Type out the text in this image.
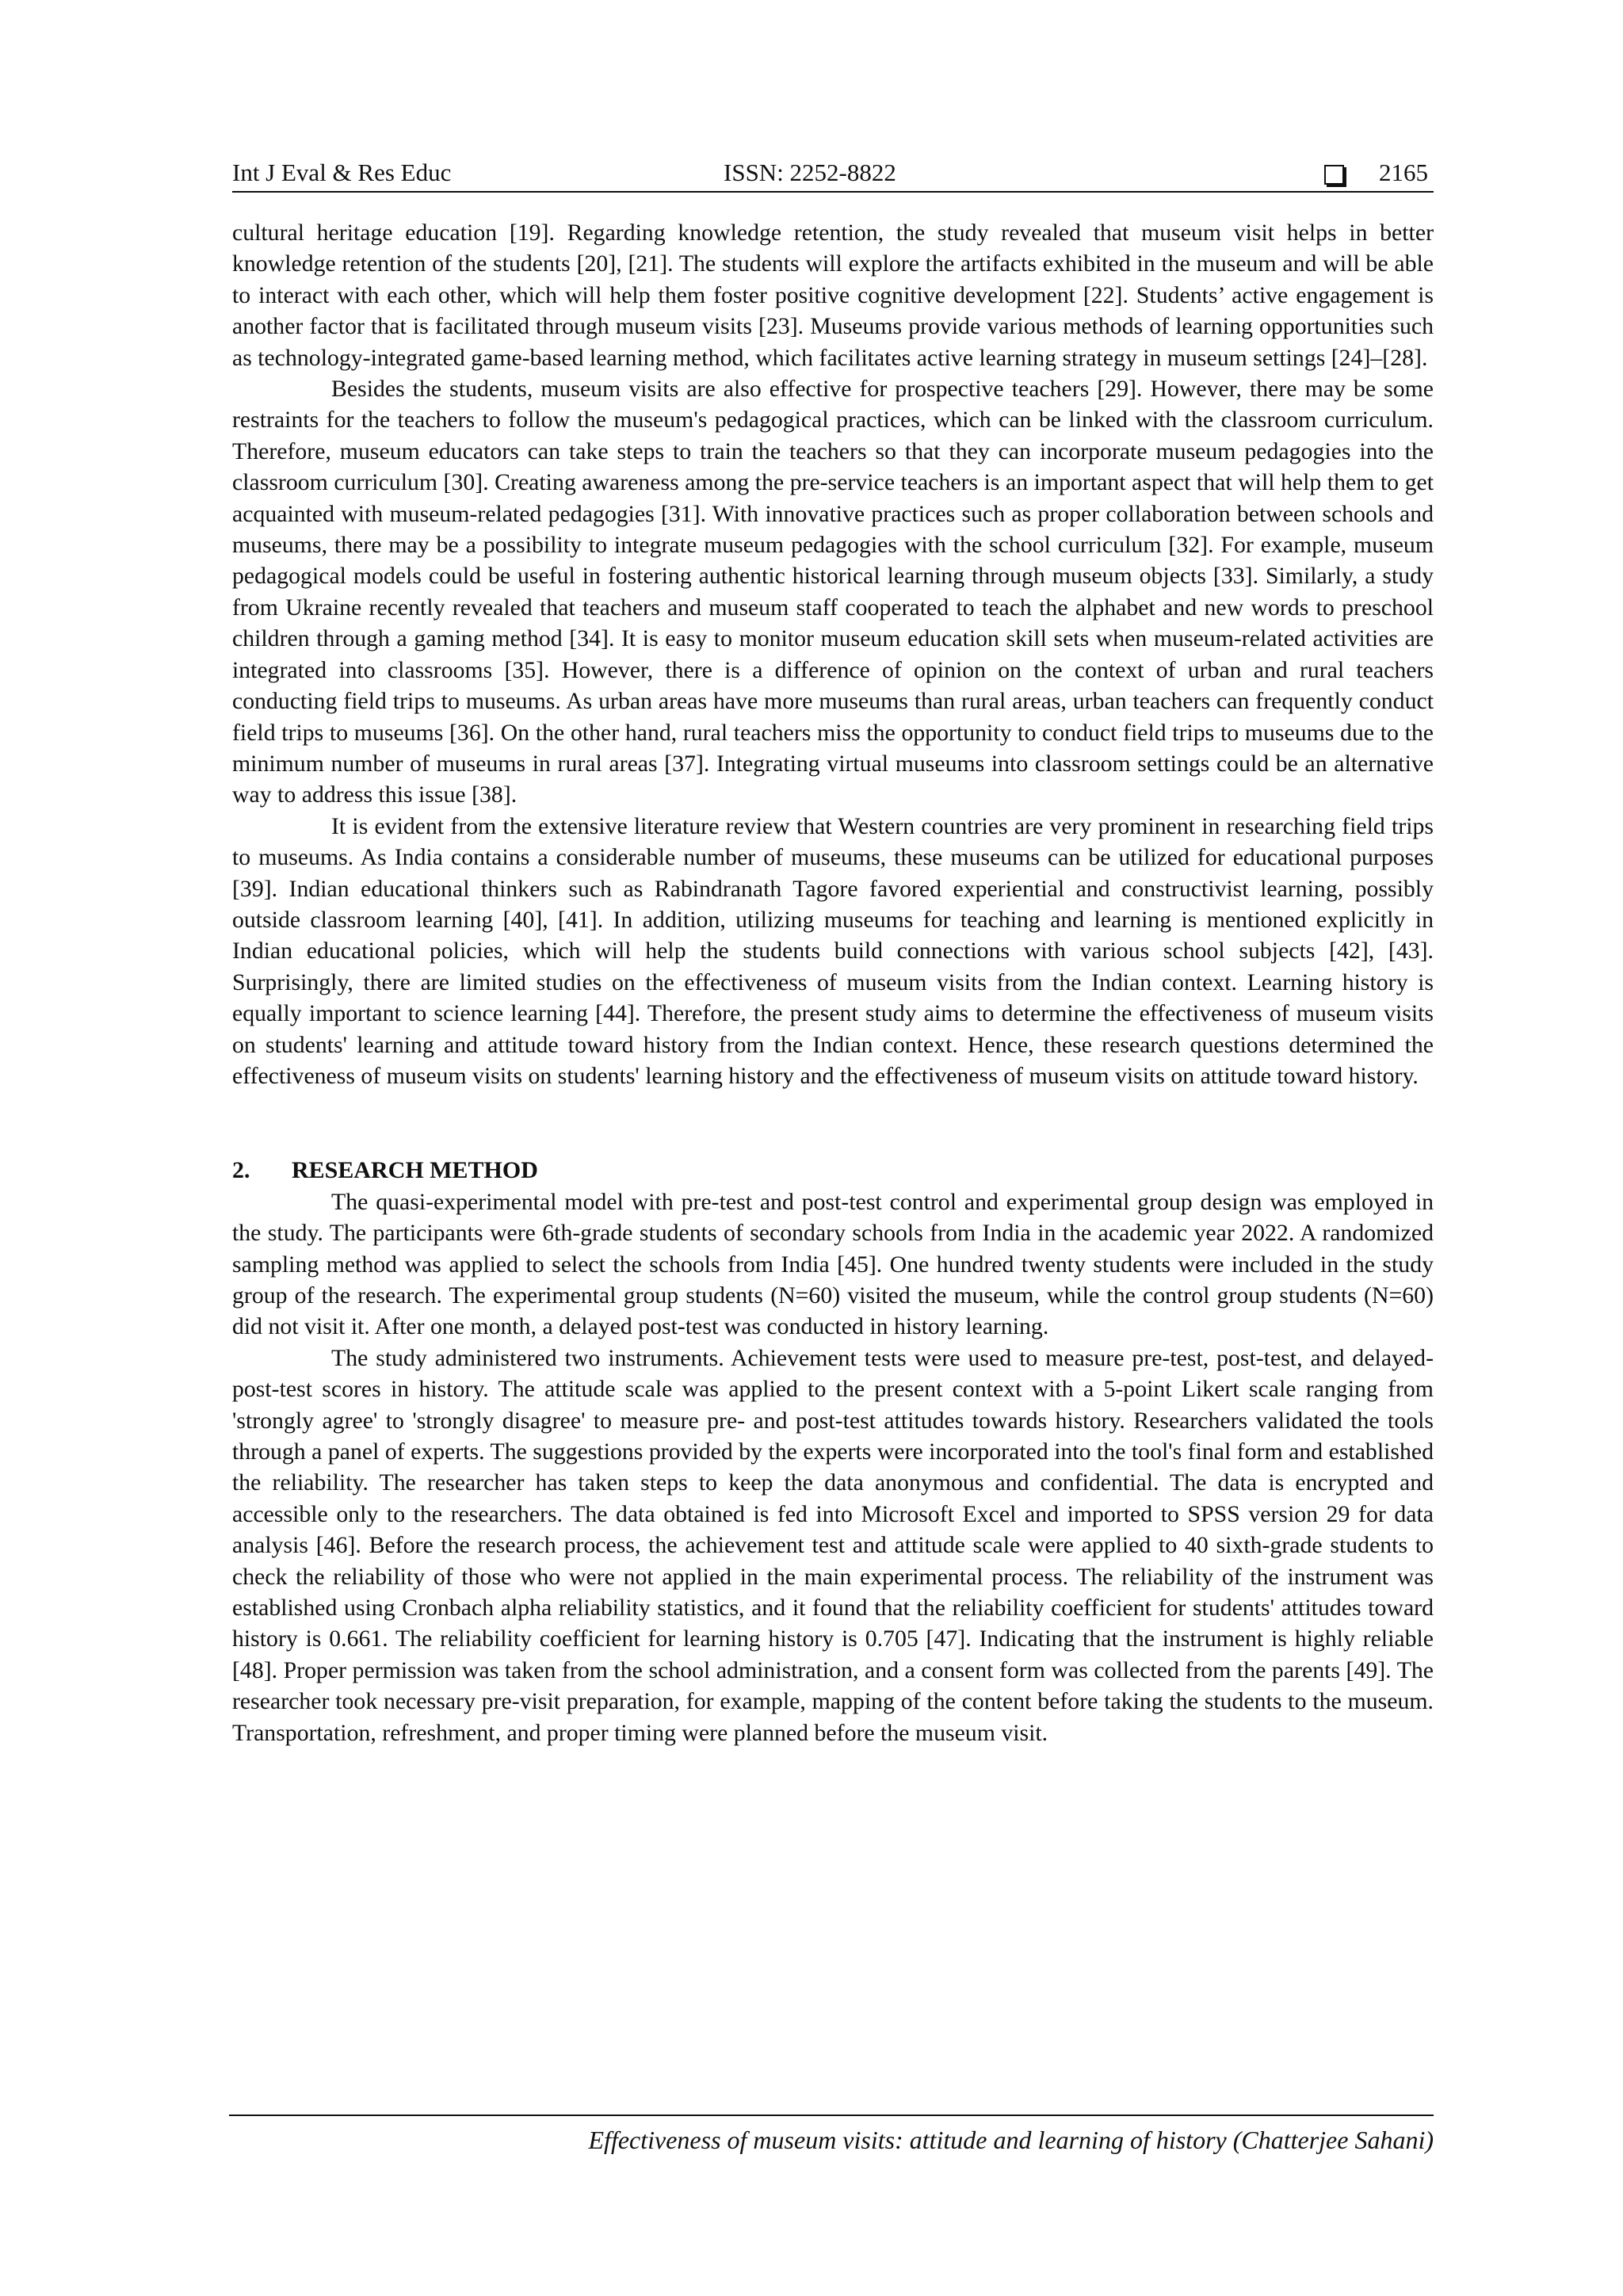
Int J Eval & Res Educ	ISSN: 2252-8822	2165

cultural heritage education [19]. Regarding knowledge retention, the study revealed that museum visit helps in better knowledge retention of the students [20], [21]. The students will explore the artifacts exhibited in the museum and will be able to interact with each other, which will help them foster positive cognitive development [22]. Students’ active engagement is another factor that is facilitated through museum visits [23]. Museums provide various methods of learning opportunities such as technology-integrated game-based learning method, which facilitates active learning strategy in museum settings [24]–[28].

Besides the students, museum visits are also effective for prospective teachers [29]. However, there may be some restraints for the teachers to follow the museum's pedagogical practices, which can be linked with the classroom curriculum. Therefore, museum educators can take steps to train the teachers so that they can incorporate museum pedagogies into the classroom curriculum [30]. Creating awareness among the pre-service teachers is an important aspect that will help them to get acquainted with museum-related pedagogies [31]. With innovative practices such as proper collaboration between schools and museums, there may be a possibility to integrate museum pedagogies with the school curriculum [32]. For example, museum pedagogical models could be useful in fostering authentic historical learning through museum objects [33]. Similarly, a study from Ukraine recently revealed that teachers and museum staff cooperated to teach the alphabet and new words to preschool children through a gaming method [34]. It is easy to monitor museum education skill sets when museum-related activities are integrated into classrooms [35]. However, there is a difference of opinion on the context of urban and rural teachers conducting field trips to museums. As urban areas have more museums than rural areas, urban teachers can frequently conduct field trips to museums [36]. On the other hand, rural teachers miss the opportunity to conduct field trips to museums due to the minimum number of museums in rural areas [37]. Integrating virtual museums into classroom settings could be an alternative way to address this issue [38].

It is evident from the extensive literature review that Western countries are very prominent in researching field trips to museums. As India contains a considerable number of museums, these museums can be utilized for educational purposes [39]. Indian educational thinkers such as Rabindranath Tagore favored experiential and constructivist learning, possibly outside classroom learning [40], [41]. In addition, utilizing museums for teaching and learning is mentioned explicitly in Indian educational policies, which will help the students build connections with various school subjects [42], [43]. Surprisingly, there are limited studies on the effectiveness of museum visits from the Indian context. Learning history is equally important to science learning [44]. Therefore, the present study aims to determine the effectiveness of museum visits on students' learning and attitude toward history from the Indian context. Hence, these research questions determined the effectiveness of museum visits on students' learning history and the effectiveness of museum visits on attitude toward history.

2.	RESEARCH METHOD

The quasi-experimental model with pre-test and post-test control and experimental group design was employed in the study. The participants were 6th-grade students of secondary schools from India in the academic year 2022. A randomized sampling method was applied to select the schools from India [45]. One hundred twenty students were included in the study group of the research. The experimental group students (N=60) visited the museum, while the control group students (N=60) did not visit it. After one month, a delayed post-test was conducted in history learning.

The study administered two instruments. Achievement tests were used to measure pre-test, post-test, and delayed-post-test scores in history. The attitude scale was applied to the present context with a 5-point Likert scale ranging from 'strongly agree' to 'strongly disagree' to measure pre- and post-test attitudes towards history. Researchers validated the tools through a panel of experts. The suggestions provided by the experts were incorporated into the tool's final form and established the reliability. The researcher has taken steps to keep the data anonymous and confidential. The data is encrypted and accessible only to the researchers. The data obtained is fed into Microsoft Excel and imported to SPSS version 29 for data analysis [46]. Before the research process, the achievement test and attitude scale were applied to 40 sixth-grade students to check the reliability of those who were not applied in the main experimental process. The reliability of the instrument was established using Cronbach alpha reliability statistics, and it found that the reliability coefficient for students' attitudes toward history is 0.661. The reliability coefficient for learning history is 0.705 [47]. Indicating that the instrument is highly reliable [48]. Proper permission was taken from the school administration, and a consent form was collected from the parents [49]. The researcher took necessary pre-visit preparation, for example, mapping of the content before taking the students to the museum. Transportation, refreshment, and proper timing were planned before the museum visit.

Effectiveness of museum visits: attitude and learning of history (Chatterjee Sahani)
